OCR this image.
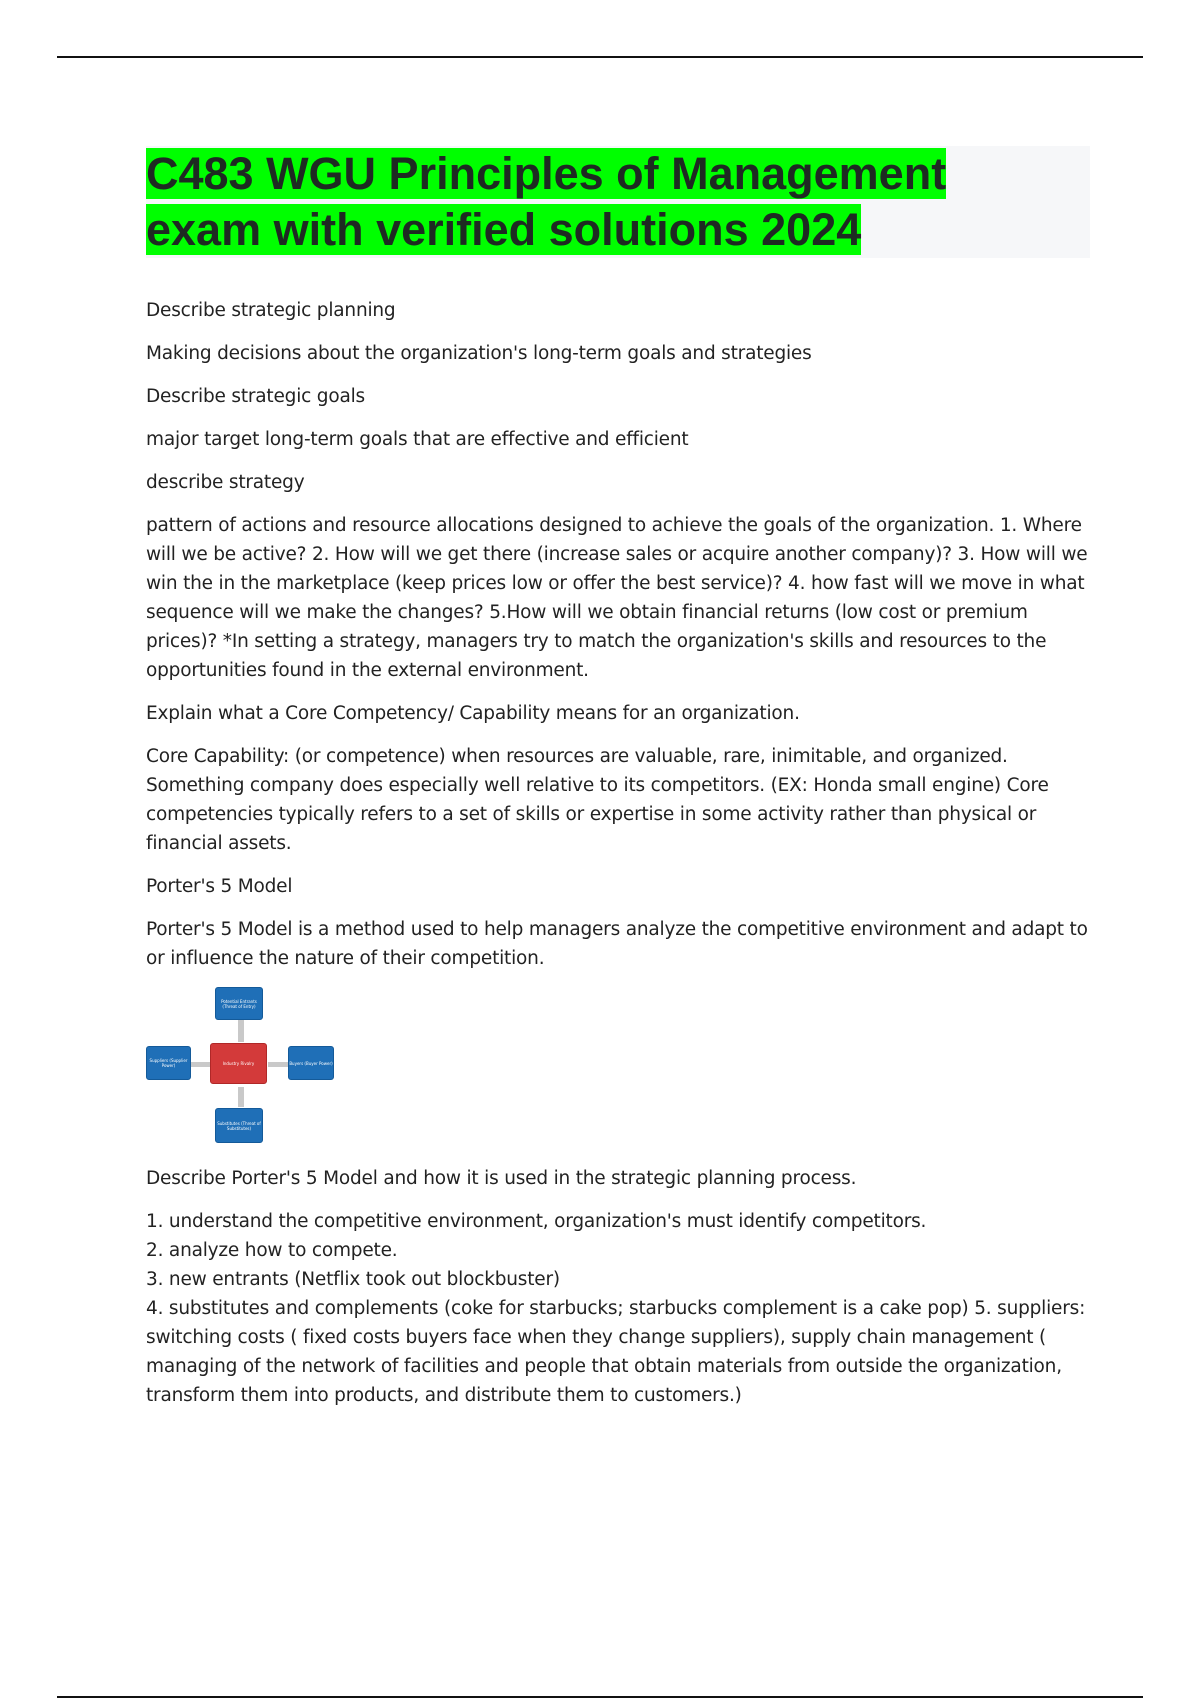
C483 WGU Principles of Management
exam with verified solutions 2024

Describe strategic planning

Making decisions about the organization's long-term goals and strategies

Describe strategic goals

major target long-term goals that are effective and efficient

describe strategy

pattern of actions and resource allocations designed to achieve the goals of the organization. 1. Where will we be active? 2. How will we get there (increase sales or acquire another company)? 3. How will we win the in the marketplace (keep prices low or offer the best service)? 4. how fast will we move in what sequence will we make the changes? 5.How will we obtain financial returns (low cost or premium prices)? *In setting a strategy, managers try to match the organization's skills and resources to the opportunities found in the external environment.

Explain what a Core Competency/ Capability means for an organization.

Core Capability: (or competence) when resources are valuable, rare, inimitable, and organized. Something company does especially well relative to its competitors. (EX: Honda small engine) Core competencies typically refers to a set of skills or expertise in some activity rather than physical or financial assets.

Porter's 5 Model

Porter's 5 Model is a method used to help managers analyze the competitive environment and adapt to or influence the nature of their competition.

Potential Entrants (Threat of Entry)
Suppliers (Supplier Power)	Industry Rivalry	Buyers (Buyer Power)
Substitutes (Threat of Substitutes)

Describe Porter's 5 Model and how it is used in the strategic planning process.

1. understand the competitive environment, organization's must identify competitors.

2. analyze how to compete.

3. new entrants (Netflix took out blockbuster)

4. substitutes and complements (coke for starbucks; starbucks complement is a cake pop) 5. suppliers: switching costs ( fixed costs buyers face when they change suppliers), supply chain management ( managing of the network of facilities and people that obtain materials from outside the organization, transform them into products, and distribute them to customers.)
